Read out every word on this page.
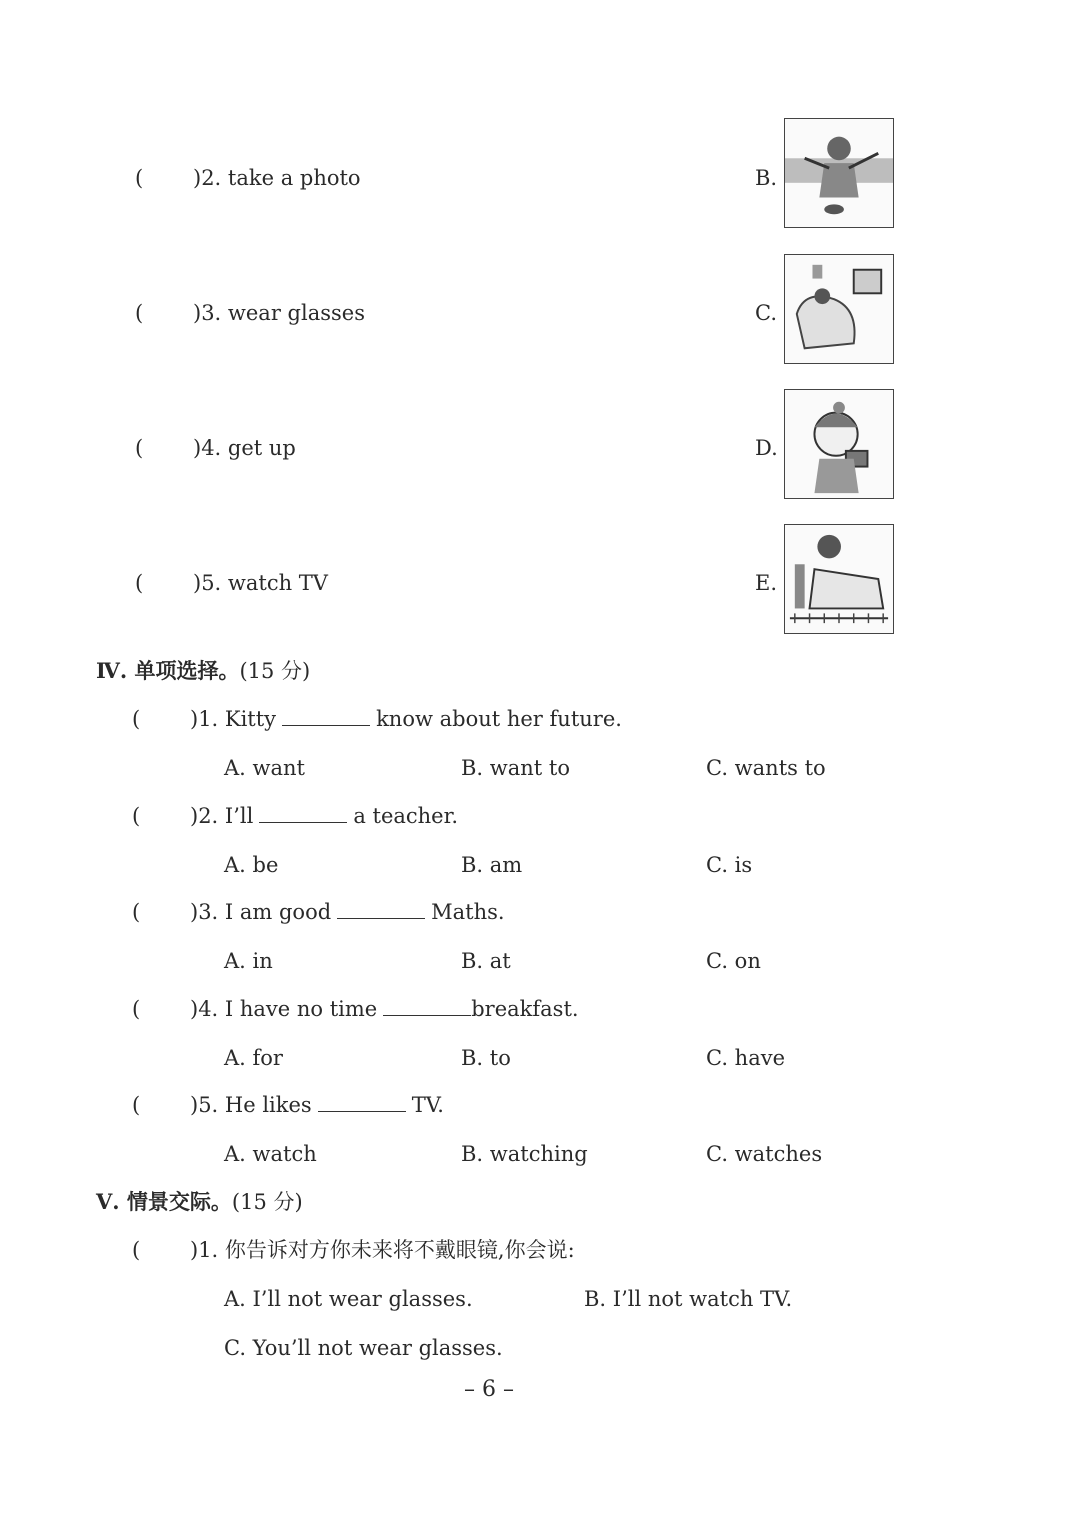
( )2. take a photo	B.
( )3. wear glasses	C.
( )4. get up	D.
( )5. watch TV	E.
Ⅳ. 单项选择。(15 分)
( )1. Kitty	know about her future.
A. want	B. want to	C. wants to
( )2. I’ll	a teacher.
A. be	B. am	C. is
( )3. I am good	Maths.
A. in	B. at	C. on
( )4. I have no time	breakfast.
A. for	B. to	C. have
( )5. He likes	TV.
A. watch	B. watching	C. watches
Ⅴ. 情景交际。(15 分)
( )1. 你告诉对方你未来将不戴眼镜,你会说:
A. I’ll not wear glasses.	B. I’ll not watch TV.
C. You’ll not wear glasses.
– 6 –
